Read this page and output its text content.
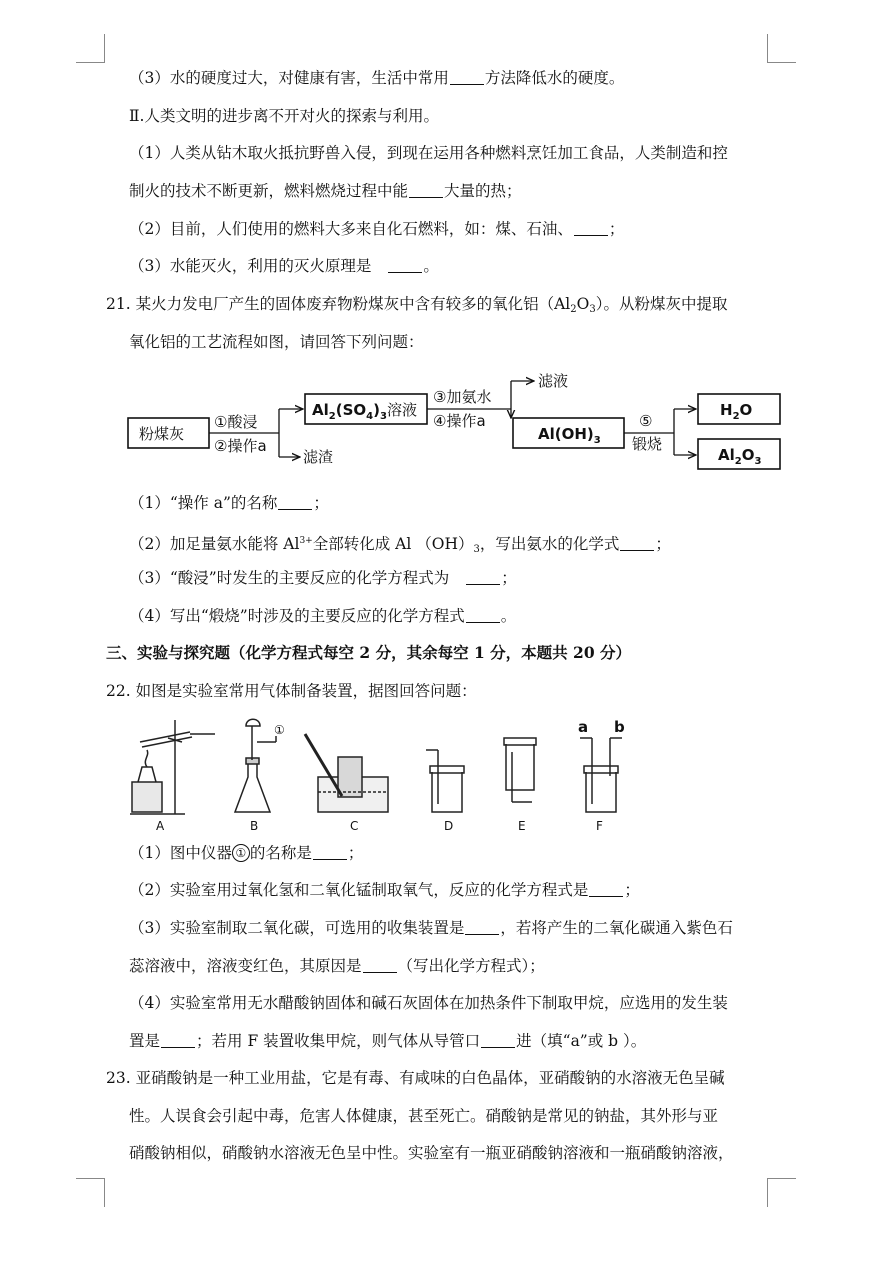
（3）水的硬度过大，对健康有害，生活中常用 方法降低水的硬度。
Ⅱ.人类文明的进步离不开对火的探索与利用。
（1）人类从钻木取火抵抗野兽入侵，到现在运用各种燃料烹饪加工食品，人类制造和控
制火的技术不断更新，燃料燃烧过程中能 大量的热；
（2）目前，人们使用的燃料大多来自化石燃料，如：煤、石油、 ；
（3）水能灭火，利用的灭火原理是	。
21. 某火力发电厂产生的固体废弃物粉煤灰中含有较多的氧化铝$(Al_2O_3)$。从粉煤灰中提取
氧化铝的工艺流程如图，请回答下列问题：
粉煤灰
①酸浸
②操作a
滤渣
$Al_2(SO_4)_3$溶液
③加氨水
④操作a
滤液
$Al(OH)_3$
⑤
锻烧
$H_2O$
$Al_2O_3$
（1）“操作 a”的名称 ；
（2）加足量氨水能将 $Al^{3+}$全部转化成 Al $(OH)_3$，写出氨水的化学式 ；
（3）“酸浸”时发生的主要反应的化学方程式为	；
（4）写出“煅烧”时涉及的主要反应的化学方程式 。
三、实验与探究题（化学方程式每空 2 分，其余每空 1 分，本题共 20 分）
22. 如图是实验室常用气体制备装置，据图回答问题：
A	B	C	D	E	F
①	a b
（1）图中仪器 ① 的名称是 ；
（2）实验室用过氧化氢和二氧化锰制取氧气，反应的化学方程式是 ；
（3）实验室制取二氧化碳，可选用的收集装置是 ，若将产生的二氧化碳通入紫色石
蕊溶液中，溶液变红色，其原因是 （写出化学方程式）；
（4）实验室常用无水醋酸钠固体和碱石灰固体在加热条件下制取甲烷，应选用的发生装
置是 ；若用 F 装置收集甲烷，则气体从导管口 进（填“a”或 b ）。
23. 亚硝酸钠是一种工业用盐，它是有毒、有咸味的白色晶体，亚硝酸钠的水溶液无色呈碱
性。人误食会引起中毒，危害人体健康，甚至死亡。硝酸钠是常见的钠盐，其外形与亚
硝酸钠相似，硝酸钠水溶液无色呈中性。实验室有一瓶亚硝酸钠溶液和一瓶硝酸钠溶液，
